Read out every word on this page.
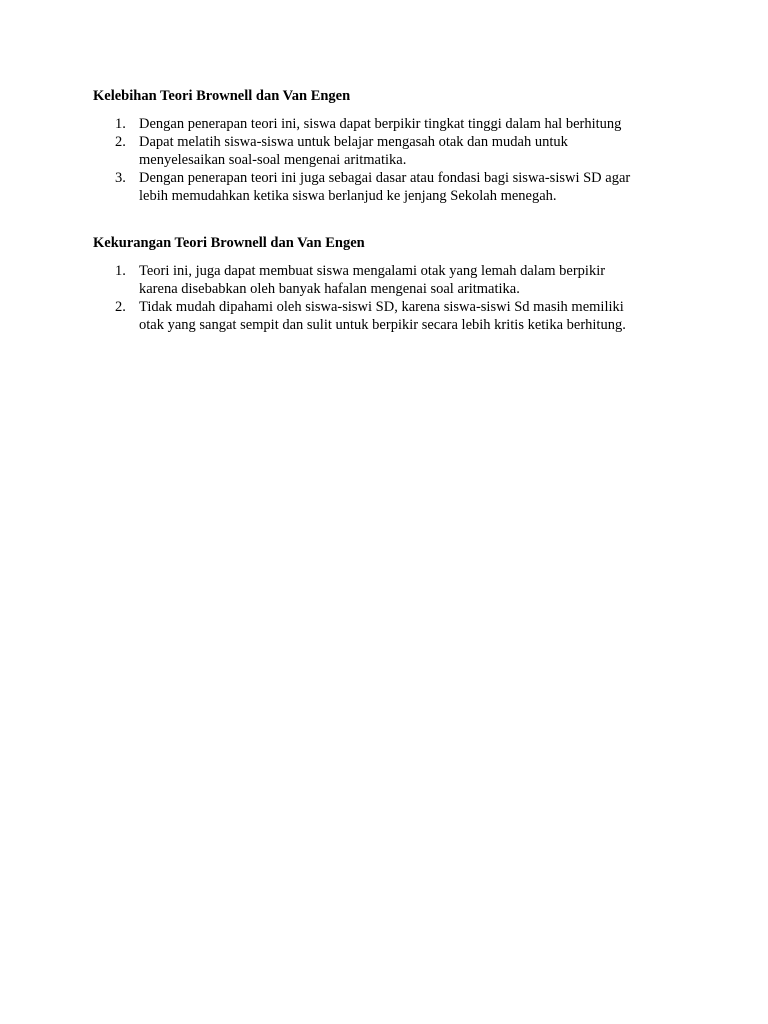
Kelebihan Teori Brownell dan Van Engen
1. Dengan penerapan teori ini, siswa dapat berpikir tingkat tinggi dalam hal berhitung
2. Dapat melatih siswa-siswa untuk belajar mengasah otak dan mudah untuk
menyelesaikan soal-soal mengenai aritmatika.
3. Dengan penerapan teori ini juga sebagai dasar atau fondasi bagi siswa-siswi SD agar
lebih memudahkan ketika siswa berlanjud ke jenjang Sekolah menegah.
Kekurangan Teori Brownell dan Van Engen
1. Teori ini, juga dapat membuat siswa mengalami otak yang lemah dalam berpikir
karena disebabkan oleh banyak hafalan mengenai soal aritmatika.
2. Tidak mudah dipahami oleh siswa-siswi SD, karena siswa-siswi Sd masih memiliki
otak yang sangat sempit dan sulit untuk berpikir secara lebih kritis ketika berhitung.
